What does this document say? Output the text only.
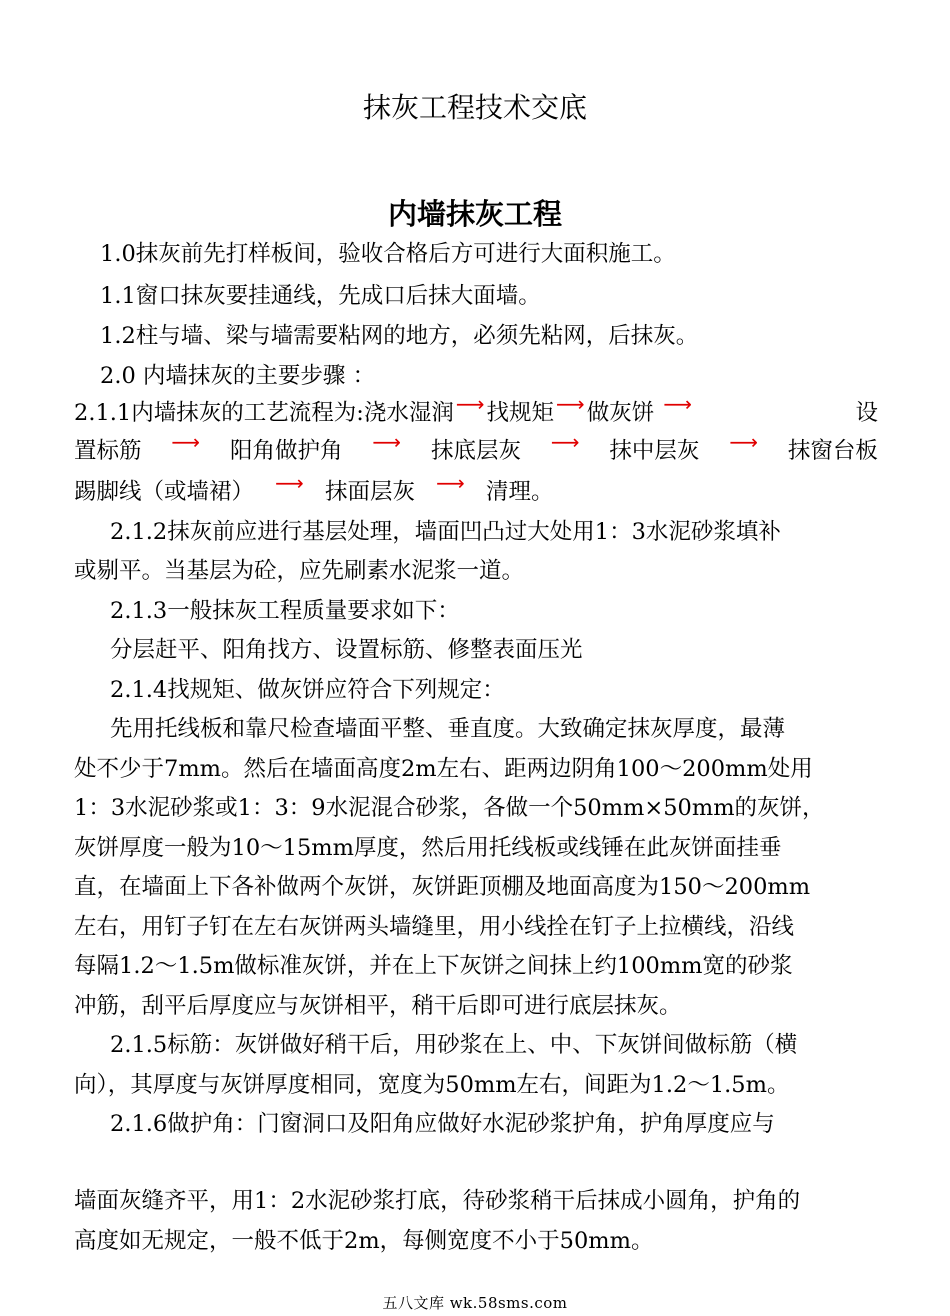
抹灰工程技术交底
内墙抹灰工程
1.0抹灰前先打样板间，验收合格后方可进行大面积施工。
1.1窗口抹灰要挂通线，先成口后抹大面墙。
1.2柱与墙、梁与墙需要粘网的地方，必须先粘网，后抹灰。
2.0 内墙抹灰的主要步骤 ：
2.1.1内墙抹灰的工艺流程为:浇水湿润 ⟶找规矩 ⟶做灰饼 ⟶	设
置标筋 ⟶ 阳角做护角 ⟶ 抹底层灰 ⟶ 抹中层灰 ⟶ 抹窗台板
踢脚线（或墙裙） ⟶ 抹面层灰 ⟶ 清理。
2.1.2抹灰前应进行基层处理，墙面凹凸过大处用1：3水泥砂浆填补
或剔平。当基层为砼，应先刷素水泥浆一道。
2.1.3一般抹灰工程质量要求如下：
分层赶平、阳角找方、设置标筋、修整表面压光
2.1.4找规矩、做灰饼应符合下列规定：
先用托线板和靠尺检查墙面平整、垂直度。大致确定抹灰厚度，最薄
处不少于7mm。然后在墙面高度2m左右、距两边阴角100～200mm处用
1：3水泥砂浆或1：3：9水泥混合砂浆，各做一个50mm×50mm的灰饼，
灰饼厚度一般为10～15mm厚度，然后用托线板或线锤在此灰饼面挂垂
直，在墙面上下各补做两个灰饼，灰饼距顶棚及地面高度为150～200mm
左右，用钉子钉在左右灰饼两头墙缝里，用小线拴在钉子上拉横线，沿线
每隔1.2～1.5m做标准灰饼，并在上下灰饼之间抹上约100mm宽的砂浆
冲筋，刮平后厚度应与灰饼相平，稍干后即可进行底层抹灰。
2.1.5标筋：灰饼做好稍干后，用砂浆在上、中、下灰饼间做标筋（横
向），其厚度与灰饼厚度相同，宽度为50mm左右，间距为1.2～1.5m。
2.1.6做护角：门窗洞口及阳角应做好水泥砂浆护角，护角厚度应与
墙面灰缝齐平，用1：2水泥砂浆打底，待砂浆稍干后抹成小圆角，护角的
高度如无规定，一般不低于2m，每侧宽度不小于50mm。
五八文库 wk.58sms.com
